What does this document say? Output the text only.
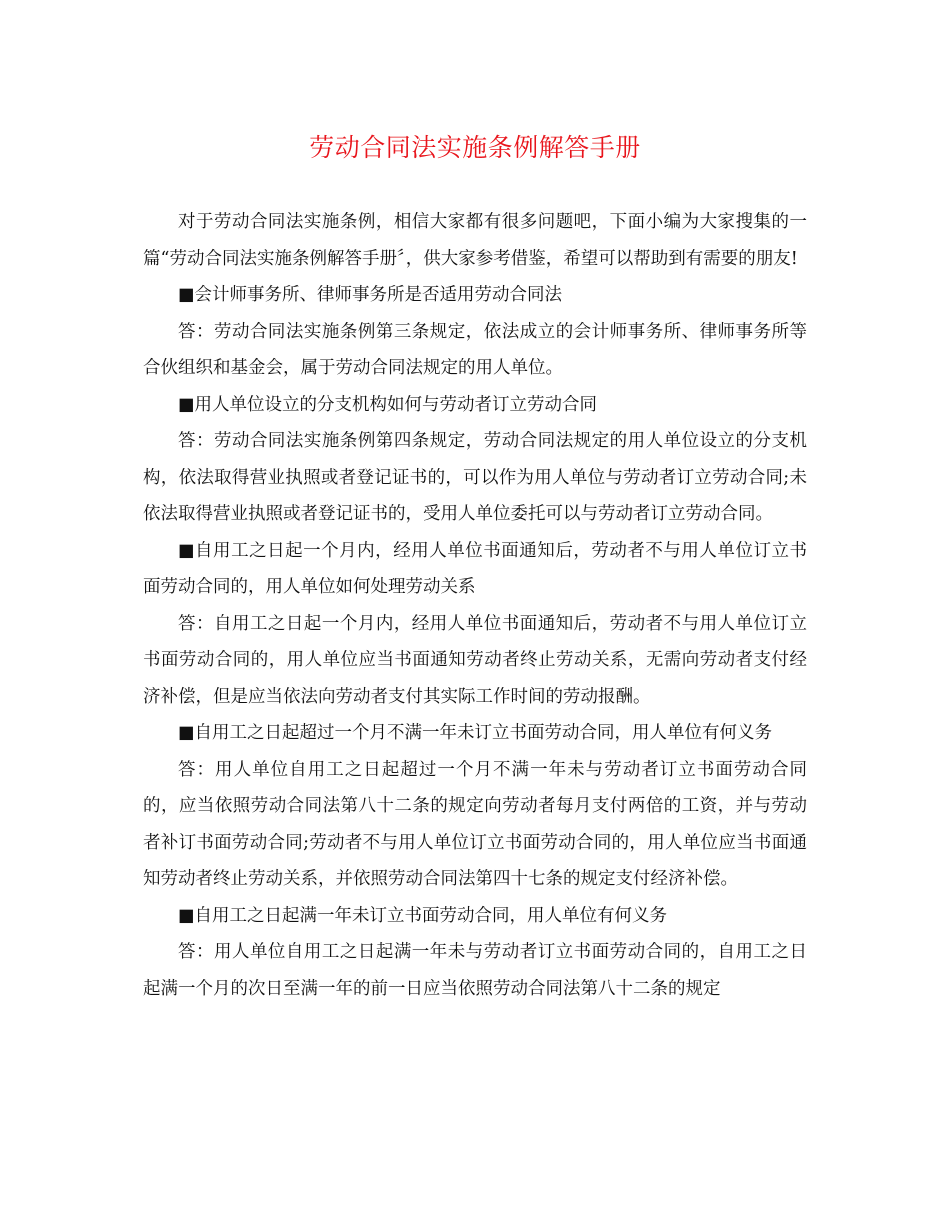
劳动合同法实施条例解答手册

对于劳动合同法实施条例，相信大家都有很多问题吧，下面小编为大家搜集的一篇“劳动合同法实施条例解答手册〞，供大家参考借鉴，希望可以帮助到有需要的朋友!

■会计师事务所、律师事务所是否适用劳动合同法

答：劳动合同法实施条例第三条规定，依法成立的会计师事务所、律师事务所等合伙组织和基金会，属于劳动合同法规定的用人单位。

■用人单位设立的分支机构如何与劳动者订立劳动合同

答：劳动合同法实施条例第四条规定，劳动合同法规定的用人单位设立的分支机构，依法取得营业执照或者登记证书的，可以作为用人单位与劳动者订立劳动合同;未依法取得营业执照或者登记证书的，受用人单位委托可以与劳动者订立劳动合同。

■自用工之日起一个月内，经用人单位书面通知后，劳动者不与用人单位订立书面劳动合同的，用人单位如何处理劳动关系

答：自用工之日起一个月内，经用人单位书面通知后，劳动者不与用人单位订立书面劳动合同的，用人单位应当书面通知劳动者终止劳动关系，无需向劳动者支付经济补偿，但是应当依法向劳动者支付其实际工作时间的劳动报酬。

■自用工之日起超过一个月不满一年未订立书面劳动合同，用人单位有何义务

答：用人单位自用工之日起超过一个月不满一年未与劳动者订立书面劳动合同的，应当依照劳动合同法第八十二条的规定向劳动者每月支付两倍的工资，并与劳动者补订书面劳动合同;劳动者不与用人单位订立书面劳动合同的，用人单位应当书面通知劳动者终止劳动关系，并依照劳动合同法第四十七条的规定支付经济补偿。

■自用工之日起满一年未订立书面劳动合同，用人单位有何义务

答：用人单位自用工之日起满一年未与劳动者订立书面劳动合同的，自用工之日起满一个月的次日至满一年的前一日应当依照劳动合同法第八十二条的规定
